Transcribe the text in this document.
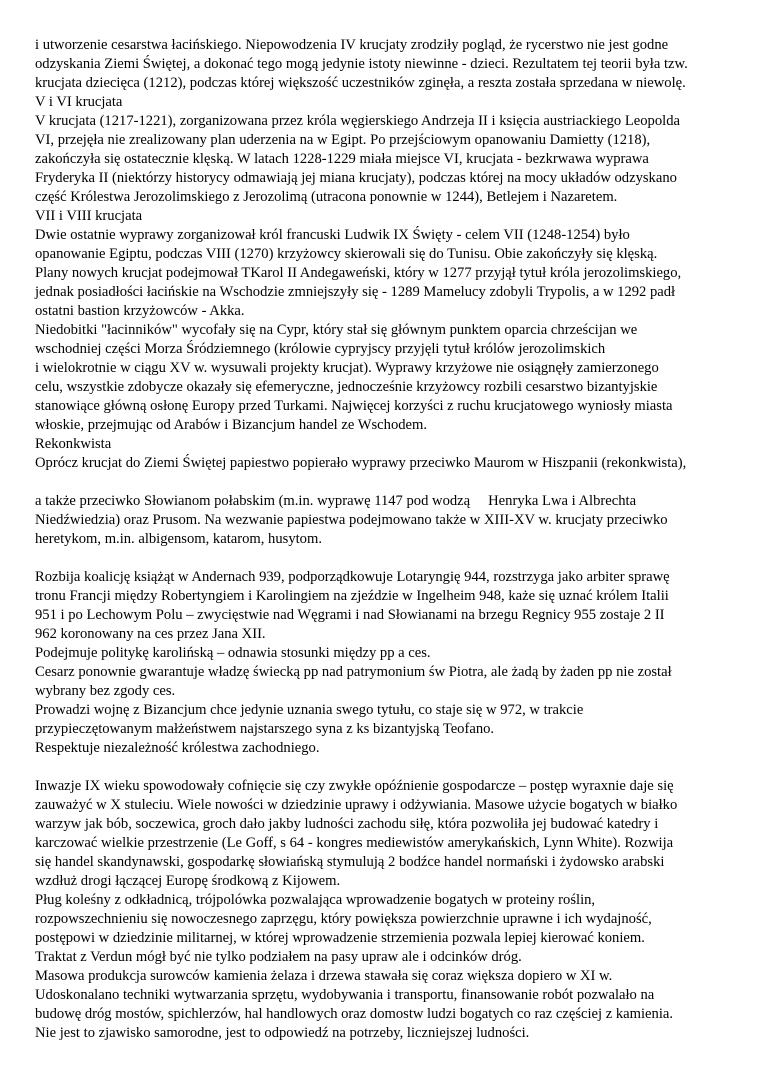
i utworzenie cesarstwa łacińskiego. Niepowodzenia IV krucjaty zrodziły pogląd, że rycerstwo nie jest godne

odzyskania Ziemi Świętej, a dokonać tego mogą jedynie istoty niewinne - dzieci. Rezultatem tej teorii była tzw.

krucjata dziecięca (1212), podczas której większość uczestników zginęła, a reszta została sprzedana w niewolę.

V i VI krucjata

V krucjata (1217-1221), zorganizowana przez króla węgierskiego Andrzeja II i księcia austriackiego Leopolda

VI, przejęła nie zrealizowany plan uderzenia na w Egipt. Po przejściowym opanowaniu Damietty (1218),

zakończyła się ostatecznie klęską. W latach 1228-1229 miała miejsce VI, krucjata - bezkrwawa wyprawa

Fryderyka II (niektórzy historycy odmawiają jej miana krucjaty), podczas której na mocy układów odzyskano

część Królestwa Jerozolimskiego z Jerozolimą (utracona ponownie w 1244), Betlejem i Nazaretem.

VII i VIII krucjata

Dwie ostatnie wyprawy zorganizował król francuski Ludwik IX Święty - celem VII (1248-1254) było

opanowanie Egiptu, podczas VIII (1270) krzyżowcy skierowali się do Tunisu. Obie zakończyły się klęską.

Plany nowych krucjat podejmował TKarol II Andegaweński, który w 1277 przyjął tytuł króla jerozolimskiego,

jednak posiadłości łacińskie na Wschodzie zmniejszyły się - 1289 Mamelucy zdobyli Trypolis, a w 1292 padł

ostatni bastion krzyżowców - Akka.

Niedobitki "łacinników" wycofały się na Cypr, który stał się głównym punktem oparcia chrześcijan we

wschodniej części Morza Śródziemnego (królowie cypryjscy przyjęli tytuł królów jerozolimskich

i wielokrotnie w ciągu XV w. wysuwali projekty krucjat). Wyprawy krzyżowe nie osiągnęły zamierzonego

celu, wszystkie zdobycze okazały się efemeryczne, jednocześnie krzyżowcy rozbili cesarstwo bizantyjskie

stanowiące główną osłonę Europy przed Turkami. Najwięcej korzyści z ruchu krucjatowego wyniosły miasta

włoskie, przejmując od Arabów i Bizancjum handel ze Wschodem.

Rekonkwista

Oprócz krucjat do Ziemi Świętej papiestwo popierało wyprawy przeciwko Maurom w Hiszpanii (rekonkwista),

a także przeciwko Słowianom połabskim (m.in. wyprawę 1147 pod wodzą Henryka Lwa i Albrechta

Niedźwiedzia) oraz Prusom. Na wezwanie papiestwa podejmowano także w XIII-XV w. krucjaty przeciwko

heretykom, m.in. albigensom, katarom, husytom.

Rozbija koalicję książąt w Andernach 939, podporządkowuje Lotaryngię 944, rozstrzyga jako arbiter sprawę

tronu Francji między Robertyngiem i Karolingiem na zjeździe w Ingelheim 948, każe się uznać królem Italii

951 i po Lechowym Polu – zwycięstwie nad Węgrami i nad Słowianami na brzegu Regnicy 955 zostaje 2 II

962 koronowany na ces przez Jana XII.

Podejmuje politykę karolińską – odnawia stosunki między pp a ces.

Cesarz ponownie gwarantuje władzę świecką pp nad patrymonium św Piotra, ale żadą by żaden pp nie został

wybrany bez zgody ces.

Prowadzi wojnę z Bizancjum chce jedynie uznania swego tytułu, co staje się w 972, w trakcie

przypieczętowanym małżeństwem najstarszego syna z ks bizantyjską Teofano.

Respektuje niezależność królestwa zachodniego.

Inwazje IX wieku spowodowały cofnięcie się czy zwykłe opóźnienie gospodarcze – postęp wyraxnie daje się

zauważyć w X stuleciu. Wiele nowości w dziedzinie uprawy i odżywiania. Masowe użycie bogatych w białko

warzyw jak bób, soczewica, groch dało jakby ludności zachodu siłę, która pozwoliła jej budować katedry i

karczować wielkie przestrzenie (Le Goff, s 64 - kongres mediewistów amerykańskich, Lynn White). Rozwija

się handel skandynawski, gospodarkę słowiańską stymulują 2 bodźce handel normański i żydowsko arabski

wzdłuż drogi łączącej Europę środkową z Kijowem.

Pług koleśny z odkładnicą, trójpolówka pozwalająca wprowadzenie bogatych w proteiny roślin,

rozpowszechnieniu się nowoczesnego zaprzęgu, który powiększa powierzchnie uprawne i ich wydajność,

postępowi w dziedzinie militarnej, w której wprowadzenie strzemienia pozwala lepiej kierować koniem.

Traktat z Verdun mógł być nie tylko podziałem na pasy upraw ale i odcinków dróg.

Masowa produkcja surowców kamienia żelaza i drzewa stawała się coraz większa dopiero w XI w.

Udoskonalano techniki wytwarzania sprzętu, wydobywania i transportu, finansowanie robót pozwalało na

budowę dróg mostów, spichlerzów, hal handlowych oraz domostw ludzi bogatych co raz częściej z kamienia.

Nie jest to zjawisko samorodne, jest to odpowiedź na potrzeby, liczniejszej ludności.
